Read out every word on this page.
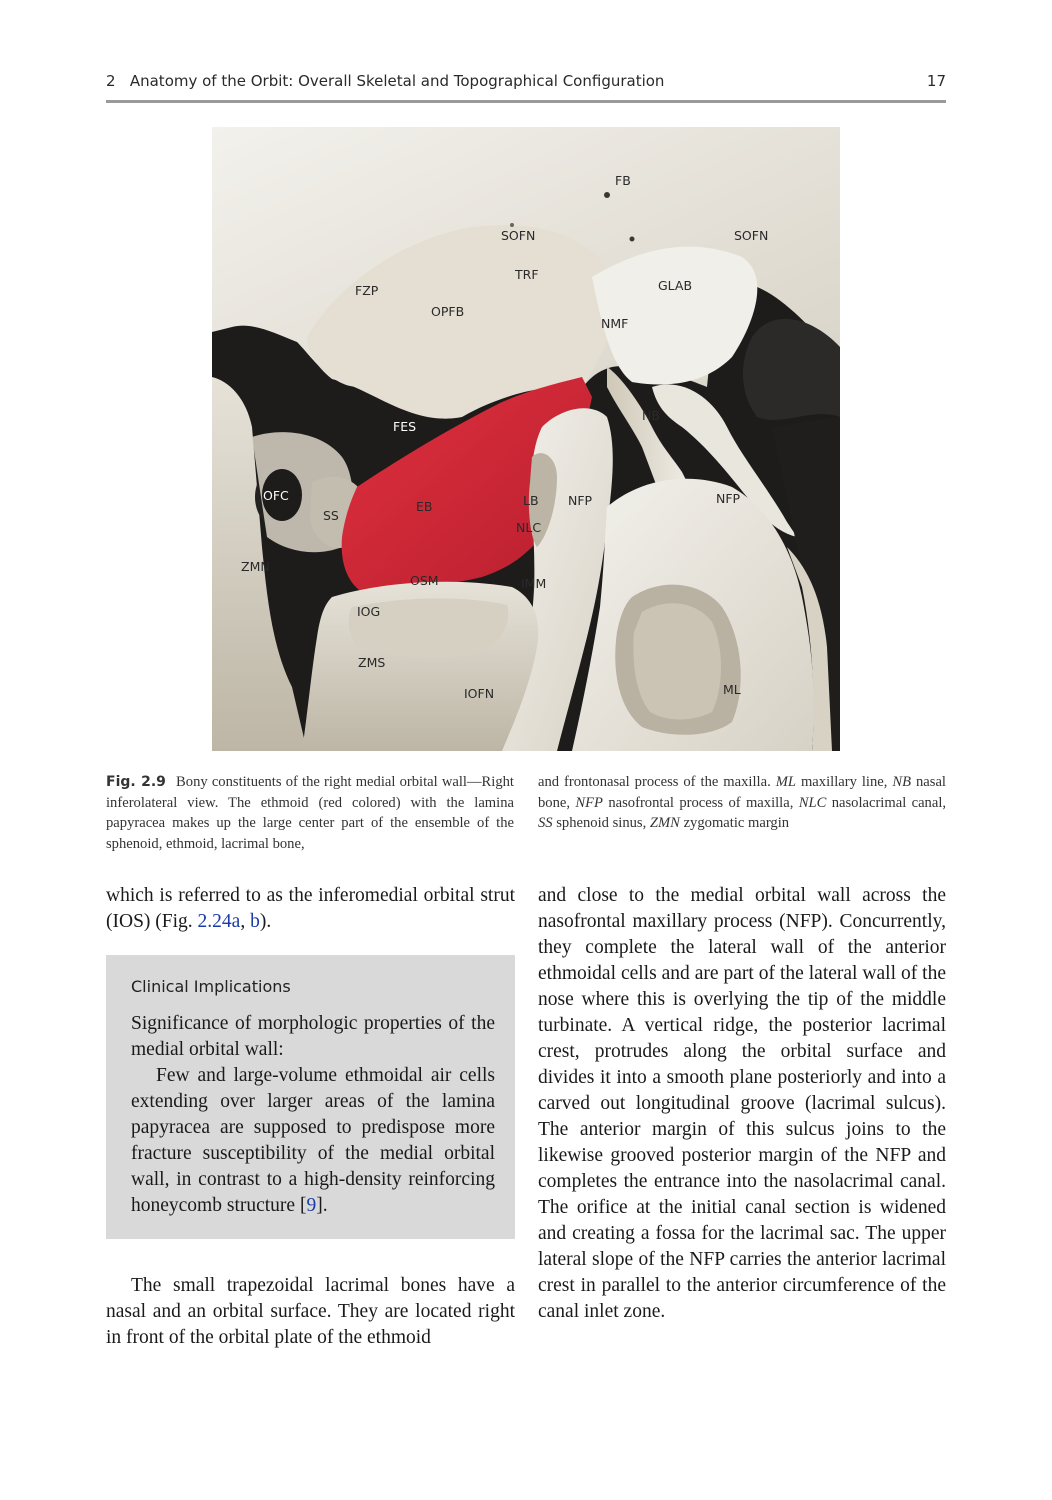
2   Anatomy of the Orbit: Overall Skeletal and Topographical Configuration	17
FB
SOFN	SOFN
TRF
GLAB
FZP
OPFB
NMF
NB
FES
OFC
SS
EB	LB NFP
NLC
NFP
ZMN
OSM	IMM
IOG
ZMS
IOFN	ML
Fig. 2.9 Bony constituents of the right medial orbital wall—Right inferolateral view. The ethmoid (red colored) with the lamina papyracea makes up the large center part of the ensemble of the sphenoid, ethmoid, lacrimal bone,
and frontonasal process of the maxilla. ML maxillary line, NB nasal bone, NFP nasofrontal process of maxilla, NLC nasolacrimal canal, SS sphenoid sinus, ZMN zygomatic margin

which is referred to as the inferomedial orbital strut (IOS) (Fig. 2.24a, b).

Clinical Implications

Significance of morphologic properties of the medial orbital wall:

Few and large-volume ethmoidal air cells extending over larger areas of the lamina papyracea are supposed to predispose more fracture susceptibility of the medial orbital wall, in contrast to a high-density reinforcing honeycomb structure [9].

The small trapezoidal lacrimal bones have a nasal and an orbital surface. They are located right in front of the orbital plate of the ethmoid

and close to the medial orbital wall across the nasofrontal maxillary process (NFP). Concurrently, they complete the lateral wall of the anterior ethmoidal cells and are part of the lateral wall of the nose where this is overlying the tip of the middle turbinate. A vertical ridge, the posterior lacrimal crest, protrudes along the orbital surface and divides it into a smooth plane posteriorly and into a carved out longitudinal groove (lacrimal sulcus). The anterior margin of this sulcus joins to the likewise grooved posterior margin of the NFP and completes the entrance into the nasolacrimal canal. The orifice at the initial canal section is widened and creating a fossa for the lacrimal sac. The upper lateral slope of the NFP carries the anterior lacrimal crest in parallel to the anterior circumference of the canal inlet zone.
